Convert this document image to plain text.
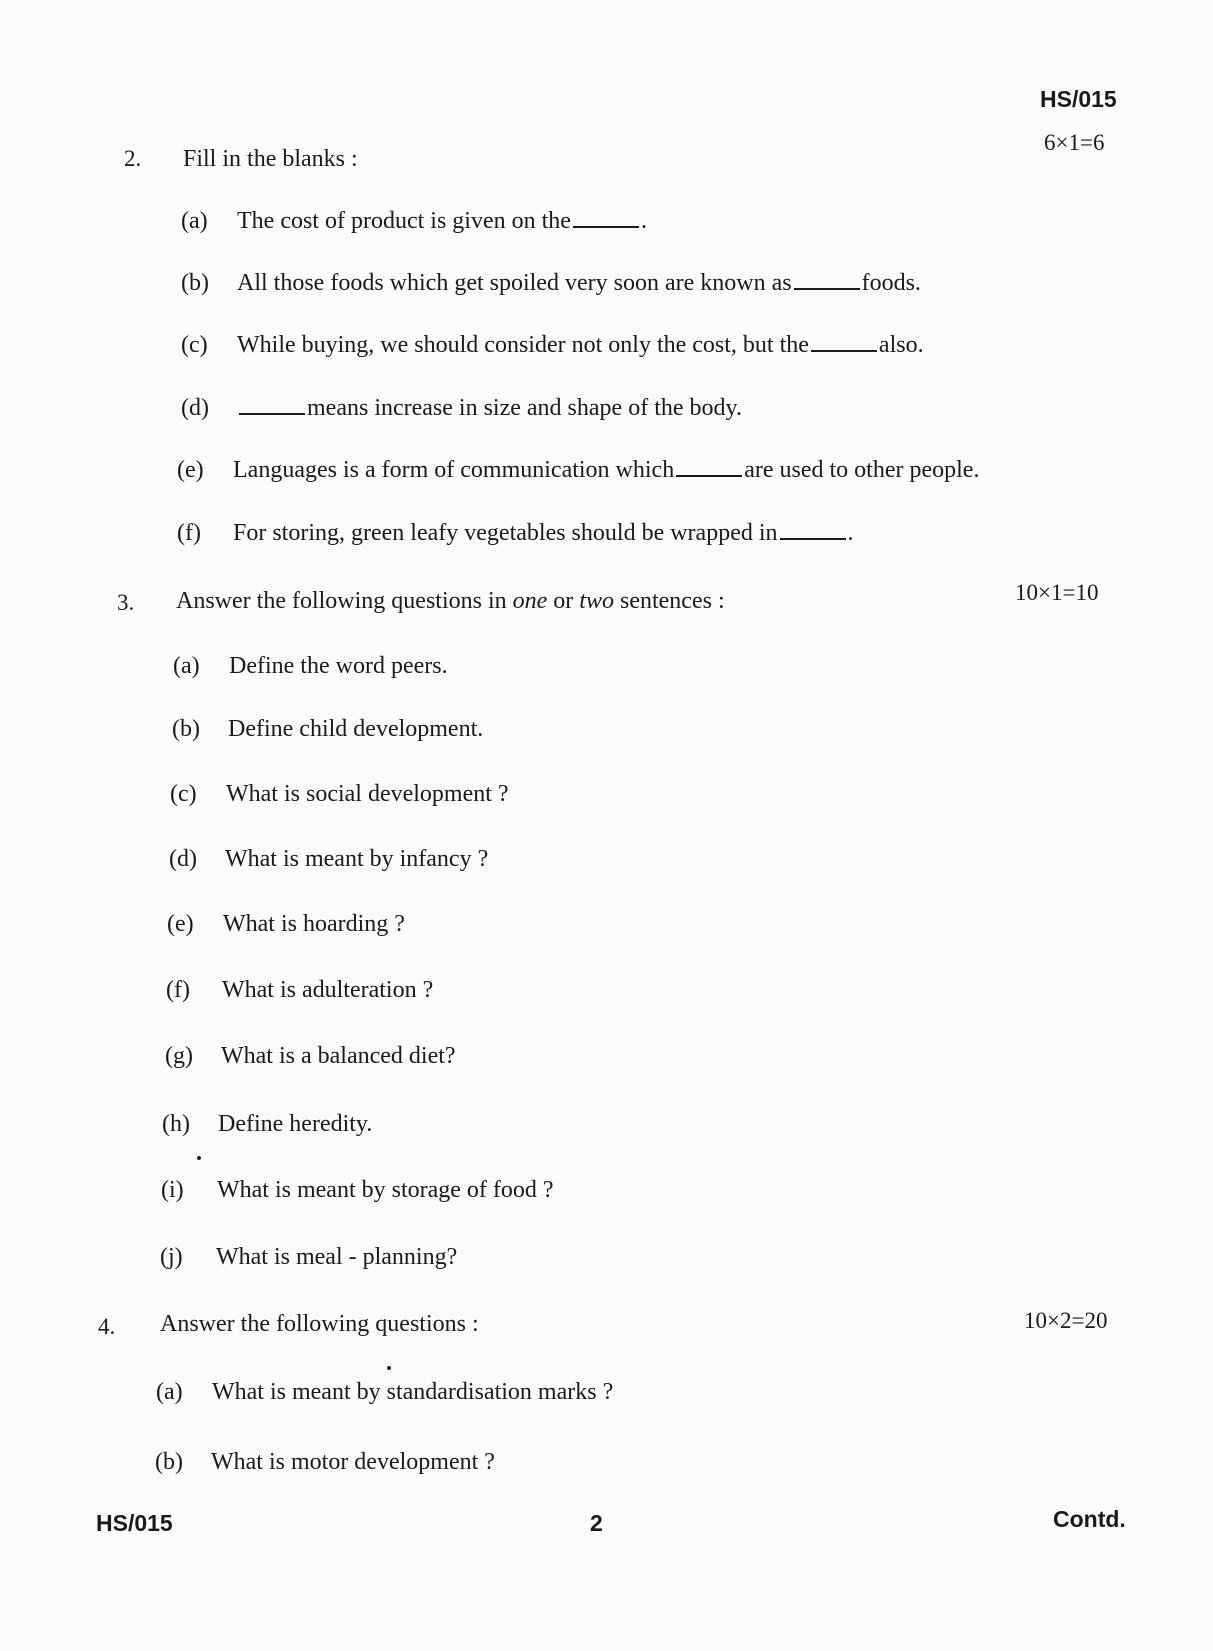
HS/015
2. Fill in the blanks :
6×1=6
(a) The cost of product is given on the	.
(b) All those foods which get spoiled very soon are known as	foods.
(c) While buying, we should consider not only the cost, but the	also.
(d)	means increase in size and shape of the body.
(e) Languages is a form of communication which	are used to other people.
(f) For storing, green leafy vegetables should be wrapped in	.
3. Answer the following questions in one or two sentences :	10×1=10
(a) Define the word peers.
(b) Define child development.
(c) What is social development ?
(d) What is meant by infancy ?
(e) What is hoarding ?
(f) What is adulteration ?
(g) What is a balanced diet?
(h) Define heredity.
(i) What is meant by storage of food ?
(j) What is meal - planning?
4. Answer the following questions :	10×2=20
(a) What is meant by standardisation marks ?
(b) What is motor development ?
HS/015	2	Contd.
